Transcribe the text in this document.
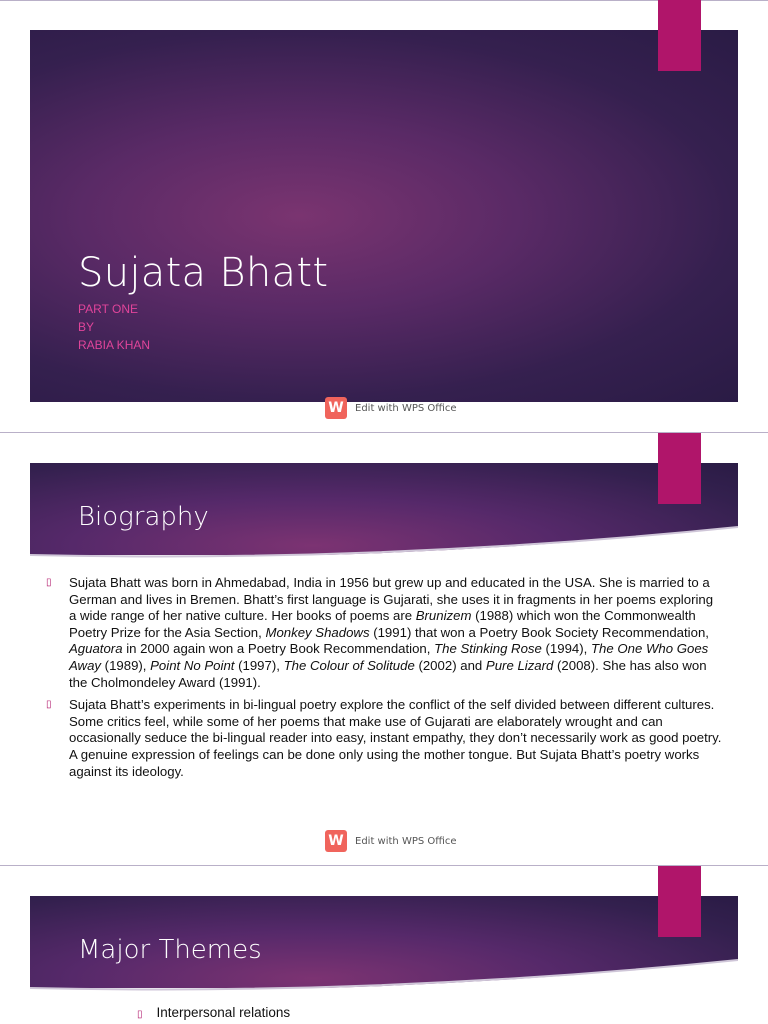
Sujata Bhatt
PART ONE
BY
RABIA KHAN
W	Edit with WPS Office
Biography
▯ Sujata Bhatt was born in Ahmedabad, India in 1956 but grew up and educated in the USA. She is married to a German and lives in Bremen. Bhatt’s first language is Gujarati, she uses it in fragments in her poems exploring a wide range of her native culture. Her books of poems are Brunizem (1988) which won the Commonwealth Poetry Prize for the Asia Section, Monkey Shadows (1991) that won a Poetry Book Society Recommendation, Aguatora in 2000 again won a Poetry Book Recommendation, The Stinking Rose (1994), The One Who Goes Away (1989), Point No Point (1997), The Colour of Solitude (2002) and Pure Lizard (2008). She has also won the Cholmondeley Award (1991).
▯ Sujata Bhatt’s experiments in bi-lingual poetry explore the conflict of the self divided between different cultures. Some critics feel, while some of her poems that make use of Gujarati are elaborately wrought and can occasionally seduce the bi-lingual reader into easy, instant empathy, they don’t necessarily work as good poetry. A genuine expression of feelings can be done only using the mother tongue. But Sujata Bhatt’s poetry works against its ideology.
W	Edit with WPS Office
Major Themes
▯ Interpersonal relations
